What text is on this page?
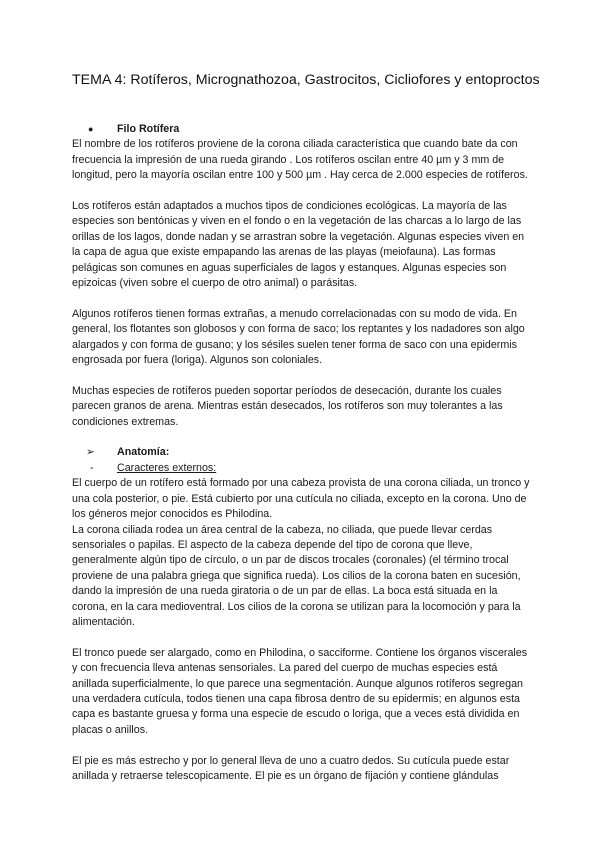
TEMA 4: Rotíferos, Micrognathozoa, Gastrocitos, Cicliofores y entoproctos
● Filo Rotífera

El nombre de los rotíferos proviene de la corona ciliada característica que cuando bate da con frecuencia la impresión de una rueda girando . Los rotíferos oscilan entre 40 µm y 3 mm de longitud, pero la mayoría oscilan entre 100 y 500 µm . Hay cerca de 2.000 especies de rotíferos.

Los rotíferos están adaptados a muchos tipos de condiciones ecológicas. La mayoría de las especies son bentónicas y viven en el fondo o en la vegetación de las charcas a lo largo de las orillas de los lagos, donde nadan y se arrastran sobre la vegetación. Algunas especies viven en la capa de agua que existe empapando las arenas de las playas (meiofauna). Las formas pelágicas son comunes en aguas superficiales de lagos y estanques. Algunas especies son epizoicas (viven sobre el cuerpo de otro animal) o parásitas.

Algunos rotíferos tienen formas extrañas, a menudo correlacionadas con su modo de vida. En general, los flotantes son globosos y con forma de saco; los reptantes y los nadadores son algo alargados y con forma de gusano; y los sésiles suelen tener forma de saco con una epidermis engrosada por fuera (loriga). Algunos son coloniales.

Muchas especies de rotíferos pueden soportar períodos de desecación, durante los cuales parecen granos de arena. Mientras están desecados, los rotíferos son muy tolerantes a las condiciones extremas.

➢ Anatomía:
- Caracteres externos:

El cuerpo de un rotífero está formado por una cabeza provista de una corona ciliada, un tronco y una cola posterior, o pie. Está cubierto por una cutícula no ciliada, excepto en la corona. Uno de los géneros mejor conocidos es Philodina.

La corona ciliada rodea un área central de la cabeza, no ciliada, que puede llevar cerdas sensoriales o papilas. El aspecto de la cabeza depende del tipo de corona que lleve, generalmente algún tipo de círculo, o un par de discos trocales (coronales) (el término trocal proviene de una palabra griega que significa rueda). Los cilios de la corona baten en sucesión, dando la impresión de una rueda giratoria o de un par de ellas. La boca está situada en la corona, en la cara medioventral. Los cilios de la corona se utilizan para la locomoción y para la alimentación.

El tronco puede ser alargado, como en Philodina, o sacciforme. Contiene los órganos viscerales y con frecuencia lleva antenas sensoriales. La pared del cuerpo de muchas especies está anillada superficialmente, lo que parece una segmentación. Aunque algunos rotíferos segregan una verdadera cutícula, todos tienen una capa fibrosa dentro de su epidermis; en algunos esta capa es bastante gruesa y forma una especie de escudo o loriga, que a veces está dividida en placas o anillos.

El pie es más estrecho y por lo general lleva de uno a cuatro dedos. Su cutícula puede estar anillada y retraerse telescopicamente. El pie es un órgano de fijación y contiene glándulas
